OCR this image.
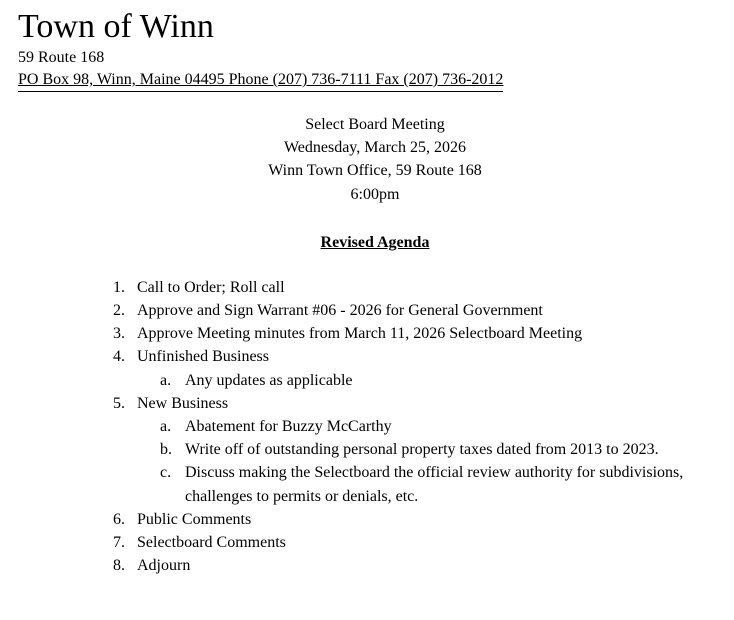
Town of Winn
59 Route 168
PO Box 98, Winn, Maine 04495 Phone (207) 736-7111 Fax (207) 736-2012
Select Board Meeting
Wednesday, March 25, 2026
Winn Town Office, 59 Route 168
6:00pm
Revised Agenda
1. Call to Order; Roll call
2. Approve and Sign Warrant #06 - 2026 for General Government
3. Approve Meeting minutes from March 11, 2026 Selectboard Meeting
4. Unfinished Business
a. Any updates as applicable
5. New Business
a. Abatement for Buzzy McCarthy
b. Write off of outstanding personal property taxes dated from 2013 to 2023.
c. Discuss making the Selectboard the official review authority for subdivisions, challenges to permits or denials, etc.
6. Public Comments
7. Selectboard Comments
8. Adjourn
